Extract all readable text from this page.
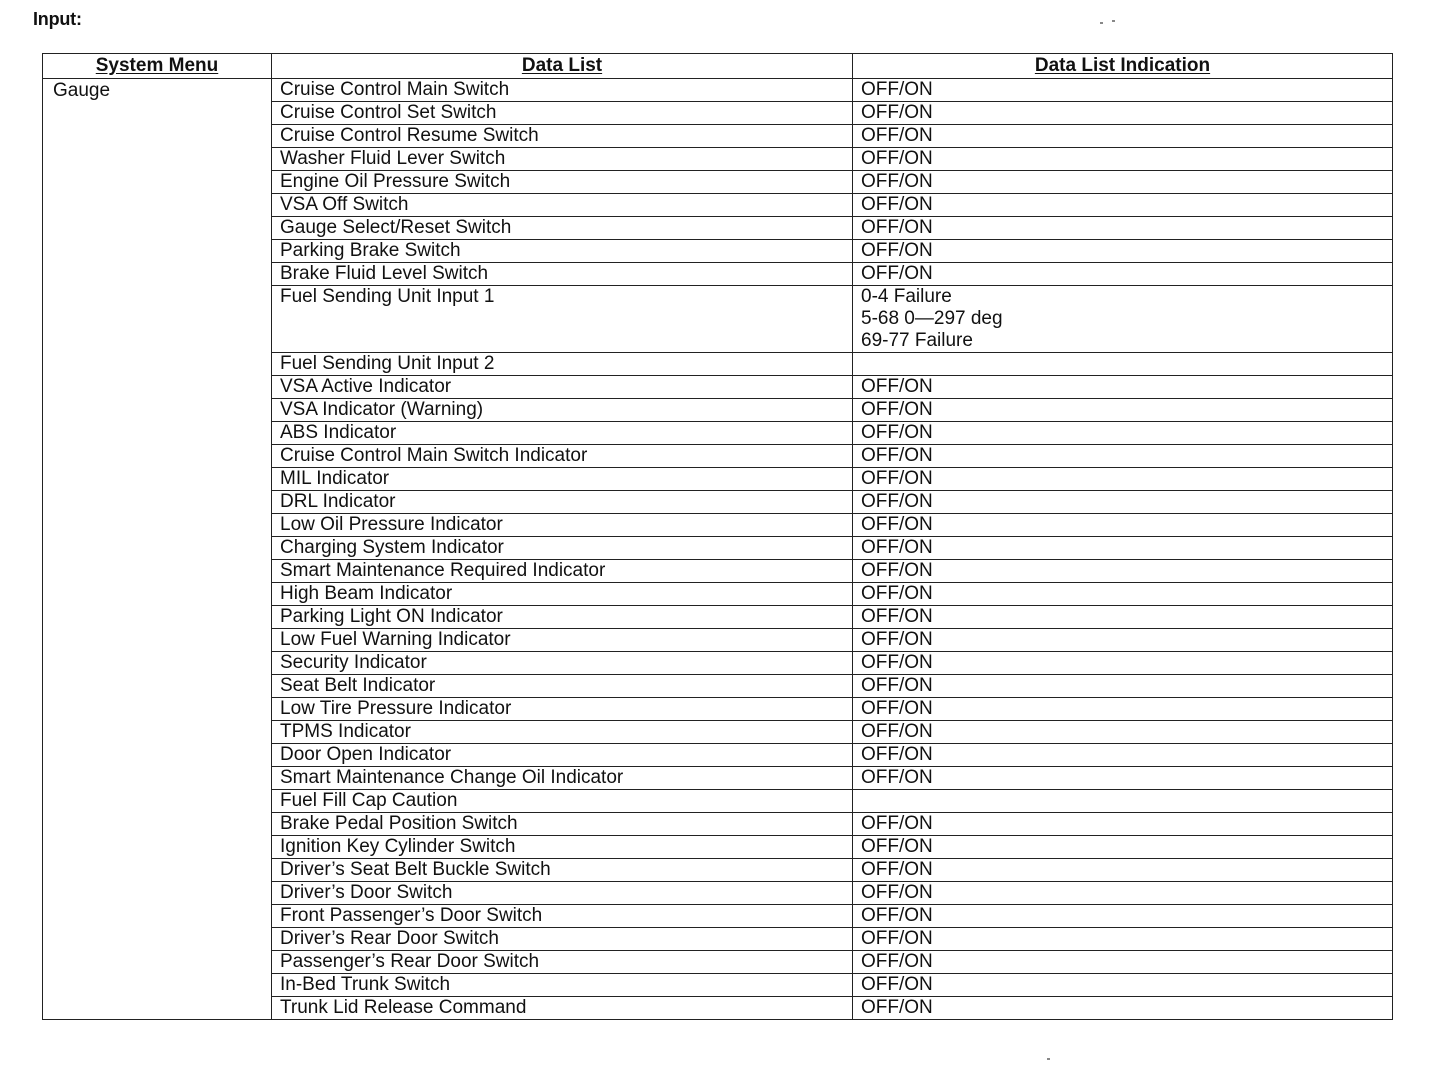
Input:
System Menu	Data List	Data List Indication
Gauge	Cruise Control Main Switch	OFF/ON

	Cruise Control Set Switch	OFF/ON

	Cruise Control Resume Switch	OFF/ON

	Washer Fluid Lever Switch	OFF/ON

	Engine Oil Pressure Switch	OFF/ON

	VSA Off Switch	OFF/ON

	Gauge Select/Reset Switch	OFF/ON

	Parking Brake Switch	OFF/ON

	Brake Fluid Level Switch	OFF/ON

	Fuel Sending Unit Input 1	0-4 Failure
5-68 0—297 deg
69-77 Failure

	Fuel Sending Unit Input 2	
	VSA Active Indicator	OFF/ON

	VSA Indicator (Warning)	OFF/ON

	ABS Indicator	OFF/ON

	Cruise Control Main Switch Indicator	OFF/ON

	MIL Indicator	OFF/ON

	DRL Indicator	OFF/ON

	Low Oil Pressure Indicator	OFF/ON

	Charging System Indicator	OFF/ON

	Smart Maintenance Required Indicator	OFF/ON

	High Beam Indicator	OFF/ON

	Parking Light ON Indicator	OFF/ON

	Low Fuel Warning Indicator	OFF/ON

	Security Indicator	OFF/ON

	Seat Belt Indicator	OFF/ON

	Low Tire Pressure Indicator	OFF/ON

	TPMS Indicator	OFF/ON

	Door Open Indicator	OFF/ON

	Smart Maintenance Change Oil Indicator	OFF/ON

	Fuel Fill Cap Caution	
	Brake Pedal Position Switch	OFF/ON

	Ignition Key Cylinder Switch	OFF/ON

	Driver’s Seat Belt Buckle Switch	OFF/ON

	Driver’s Door Switch	OFF/ON

	Front Passenger’s Door Switch	OFF/ON

	Driver’s Rear Door Switch	OFF/ON

	Passenger’s Rear Door Switch	OFF/ON

	In-Bed Trunk Switch	OFF/ON

	Trunk Lid Release Command	OFF/ON
